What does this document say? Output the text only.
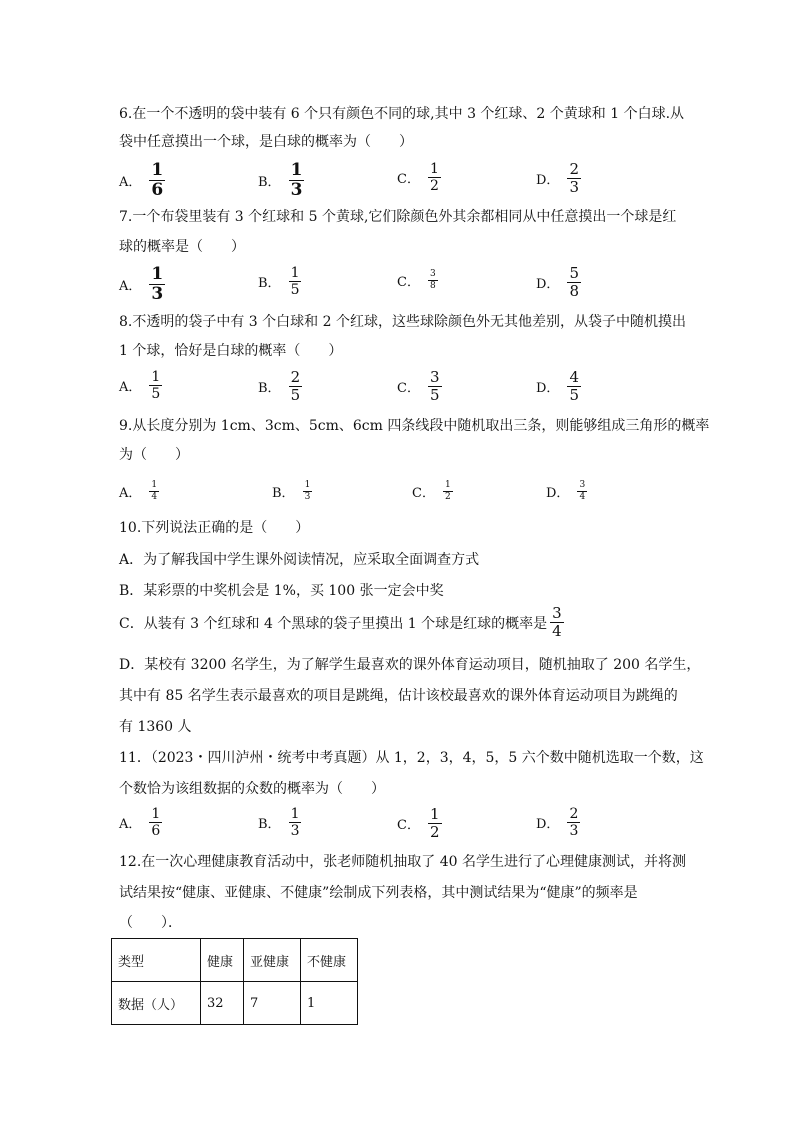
6.在一个不透明的袋中装有 6 个只有颜色不同的球,其中 3 个红球、2 个黄球和 1 个白球.从
袋中任意摸出一个球，是白球的概率为（　　）
A． $\frac{1}{6}$	B． $\frac{1}{3}$	C． $\frac{1}{2}$	D． $\frac{2}{3}$
7.一个布袋里装有 3 个红球和 5 个黄球,它们除颜色外其余都相同从中任意摸出一个球是红
球的概率是（　　）
A． $\frac{1}{3}$	B． $\frac{1}{5}$	C． $\frac{3}{8}$	D． $\frac{5}{8}$
8.不透明的袋子中有 3 个白球和 2 个红球，这些球除颜色外无其他差别，从袋子中随机摸出
1 个球，恰好是白球的概率（　　）
A． $\frac{1}{5}$	B． $\frac{2}{5}$	C． $\frac{3}{5}$	D． $\frac{4}{5}$
9.从长度分别为 1cm、3cm、5cm、6cm 四条线段中随机取出三条，则能够组成三角形的概率
为（　　）
A． $\frac{1}{4}$	B． $\frac{1}{3}$	C． $\frac{1}{2}$	D． $\frac{3}{4}$
10.下列说法正确的是（　　）
A．为了解我国中学生课外阅读情况，应采取全面调查方式
B．某彩票的中奖机会是 1%，买 100 张一定会中奖
C．从装有 3 个红球和 4 个黑球的袋子里摸出 1 个球是红球的概率是 $\frac{3}{4}$
D．某校有 3200 名学生，为了解学生最喜欢的课外体育运动项目，随机抽取了 200 名学生，
其中有 85 名学生表示最喜欢的项目是跳绳，估计该校最喜欢的课外体育运动项目为跳绳的
有 1360 人
11．（2023・四川泸州・统考中考真题）从 1，2，3，4，5，5 六个数中随机选取一个数，这
个数恰为该组数据的众数的概率为（　　）
A． $\frac{1}{6}$	B． $\frac{1}{3}$	C． $\frac{1}{2}$	D． $\frac{2}{3}$
12.在一次心理健康教育活动中，张老师随机抽取了 40 名学生进行了心理健康测试，并将测
试结果按“健康、亚健康、不健康”绘制成下列表格，其中测试结果为“健康”的频率是
（　　）．
类型	健康	亚健康	不健康
数据（人）	32	7	1
